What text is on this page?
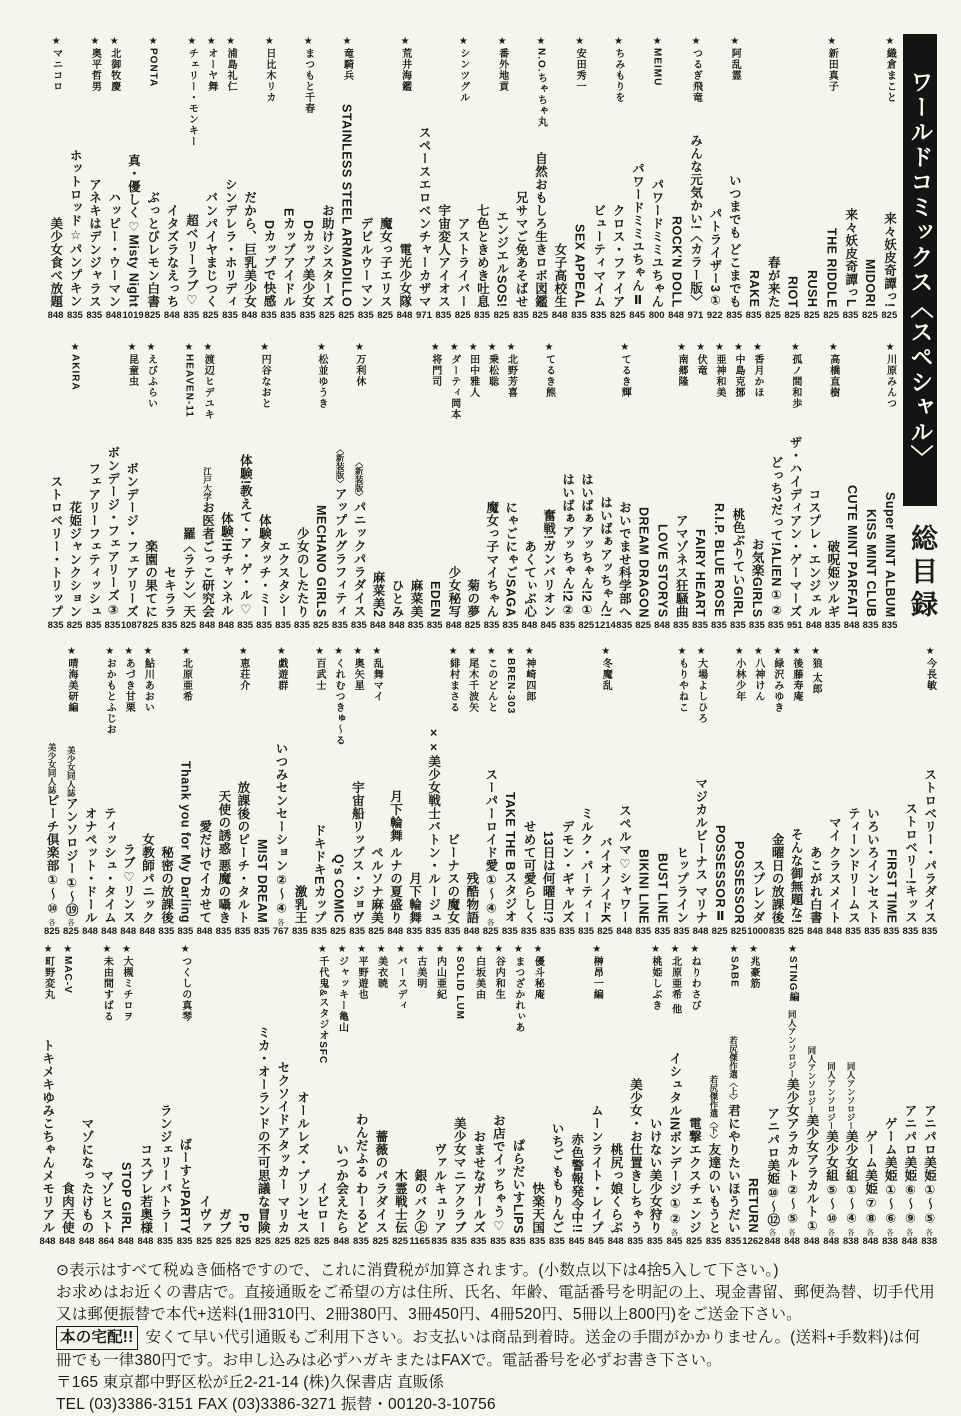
ワールドコミックス〈スペシャル〉
総目録
★織倉まこと
来々妖皮奇譚っ!
825
MIDORI
825
来々妖皮奇譚っL
835
★新田真子
THE RIDDLE
825
RUSH
825
RIOT
825
春が来た
825
RAKE
835
★阿乱霊
いつまでも どこまでも
835
パトライザー3①
922
★つるぎ飛竜
みんな元気かい!〈カラー版〉
971
ROCK'N DOLL
848
★MEIMU
パワードミミユちゃん
800
パワードミミユちゃんⅡ
845
★ちみもりを
クロス・ファイア
825
ビューティマイム
835
★安田秀一
SEX APPEAL
835
女子高校生
848
★N.O.ちゃちゃ丸
自然おもしろ生きロボ図鑑
825
兄サマご免あそばせ
835
★番外地貢
エンジエルSOS!
825
七色ときめき吐息
835
★シンツグル
アストライバー
825
宇宙変人アイオス
835
スペースエロベンチャーカザマ
971
★荒井海鑑
電光少女隊
848
魔女っ子エリス
825
デビルウーマン
835
★竜騎兵
STAINLESS STEEL ARMADILLO
825
お助けシスターズ
825
★まつもと千春
Dカップ美少女
835
Eカップアイドル
835
★日比木リカ
Dカップで快感
835
だから、巨乳美少女
848
★浦島礼仁
シンデレラ・ホリディ
835
★オーヤ舞
バンパイヤまじつく
825
★チェリー・モンキー
超ベリーラブ♡
835
イタズラなえっち
848
★PONTA
ぶっとびレモン白書
825
真・優しく♡Misty Night
1019
★北御牧慶
ハッピー・ウーマン
848
★奥平哲男
アネキはデンジャラス
835
ホットロッド☆パンプキン
835
★マニコロ
美少女食べ放題
848
★川原みんつ
Super MINT ALBUM
835
KISS MINT CLUB
835
CUTE MINT PARFAIT
848
★高橋直樹
破呪姫ツルギ
835
コスプレ・エンジェル
848
★孤ノ間和歩
ザ・ハイディアン・ゲーマーズ
951
どっち?だって!ALIEN①②
835
★香月かほ
お気楽GIRLS
835
★中島克捓
桃色ぶりていGIRL
835
★亜神和美
R.I.P. BLUE ROSE
835
★伏竜
FAIRY HEART
835
★南郷隆
アマゾネス狂騒曲
835
LOVE STORYS
848
DREAM DRAGON
825
★てるき輝
おいでませ科学部へ
835
はいばぁアッちゃん!
1214
はいばぁアッちゃん!2①
825
はいばぁアッちゃん!2②
835
★てるき熊
奮戦!ガンバリオン
845
あくてぃぶ心
848
★北野芳喜
にゃごにゃごSAGA
835
★乗松聡
魔女っ子マイちゃん
835
★田中雅人
菊の夢
825
★ダーティ岡本
少女秘写
848
★将門司
EDEN
835
麻菜美
835
ひとみ
848
麻菜美2
848
★万利休
〈新装版〉パニックパラダイス
835
〈新装版〉アップルグラフィティ
835
★松並ゆうき
MECHANO GIRLS
825
少女のしたたり
835
エクスタシー
835
★円谷なおと
体験タッチ・ミー
835
体験!教えて・ア・ゲ・ル♡
835
体験!Hチャンネル
848
★渡辺ヒデユキ
江戸大学お医者ごっこ研究会
848
★HEAVEN-11
羅〈ラテン〉天
825
セキララ
835
★えびふらい
楽園の果てに
825
★昆童虫
ボンデージ・フェアリーズ
1087
ボンデージ・フェアリーズ③
835
フェアリーフェティッシュ
835
★AKIRA
花姫ジャンクション
825
ストロベリー・トリップ
835
★今長敏
ストロベリー・パラダイス
835
ストロベリー!キッス
835
FIRST TIME
835
いろいろインセスト
835
ティーンドリームス
835
マイ クラスメイト
848
★狼 太郎
あこがれ白書
848
★後藤寿庵
そんな御無題な!
825
★緑沢みゆき
金曜日の放課後
835
★八神けん
スプレンダ
1000
★小林少年
POSSESSOR
825
POSSESSORⅡ
825
★大場よしひろ
マジカルビーナス マリナ
848
★もりやねこ
ヒップライン
835
BUST LINE
835
BIKINI LINE
835
スペルマ♡シャワー
848
★冬魔乱
バイオノイドK
825
ミルク・パーティー
835
デモン・ギャルズ
835
13日は何曜日!?
835
★神崎四郎
せめて可愛らしく
835
★BREN-303
TAKE THE Bスタジオ
835
★このどんと
スーパーロイド愛①〜④
各
825
★尾木千波矢
残酷物語
848
★緋村まさる
ビーナスの魔女
835
××美少女戦士バトン・ルージュ
835
月下輪舞
835
月下輪舞 ルナの夏盛り
848
★乱舞マイ
ペルソナ麻美
825
★奥矢星
宇宙船リップス・ジョヴ
835
★くれむつきゅ〜る
Q's COMIC
825
★百武士
ドキドキEカップ
835
激乳王
835
★戯遊群
いつみセンセーション②〜④
各
767
MIST DREAM
835
★恵荘介
放課後のピーチ・タルト
835
天使の誘惑 悪魔の囁き
835
愛だけでイカせて
848
★北原亜希
Thank you for My Darling
835
秘密の放課後
835
★鮎川あおい
女教師パニック
848
★あづき甘栗
ラブ♡リンス
848
★おかもとふじお
ティッシュ・タイム
848
オナペット・ドール
848
★晴海美研編
美少女同人誌アンソロジー①〜⑲
各
825
美少女同人誌ピーチ倶楽部①〜⑩
各
825
アニパロ美姫①〜⑤
各
838
アニパロ美姫⑥〜⑨
各
848
ゲーム美姫①〜⑥
各
838
ゲーム美姫⑦⑧
各
848
同人アンソロジー美少女組①〜④
各
838
同人アンソロジー美少女組⑤〜⑩
各
848
同人アンソロジー美少女アラカルト①
848
★STING編
同人アンソロジー美少女アラカルト②〜⑤
各
848
アニパロ美姫⑩〜⑫
各
848
★兆豪筋
RETURN
1262
★SABE
若尻傑作選〈上〉君にやりたいほうだい
835
若尻傑作選〈下〉友達のいもうと
835
★ねりわさび
電撃エクスチェンジ
825
★北原亜希 他
イシュタルINボンデージ①②
各
845
★桃姫しぶき
いけない美少女狩り
835
美少女・お仕置きしちゃう
835
桃尻っ娘くらぶ
848
★榊昂一編
ムーンライト・レイプ
845
赤色警報発令中!!
845
いちご もも りんご
835
★優斗秘庵
快楽天国
835
★まつざかれぃあ
ぱらだいすLIPS
835
★谷内和生
お店でイッちゃう♡
835
★白坂美由
おませなガールズ
835
★SOLID LUM
美少女マニアクラブ
835
★内山亜紀
ヴァルキュリア
835
★古美明
銀のバク㊤
1165
★バースディ
木霊戦士伝
825
★美衣暁
薔薇のパラダイス
825
★平野遊也
わんだふる わーるど
835
★ジャッキー亀山
いつか会えたら
848
★千代鬼&スタジオSFC
イビロー
825
オールレズ・プリンセス
825
セクソイドアタッカー マリカ
825
ミカ・オーランドの不可思議な冒険
825
P.P
825
ガブ
825
イヴァ
825
★つくしの真琴
ばーすとPARTY
835
ランジェリーバトラー
835
コスプレ若奥様
848
★大槻ミチロヲ
STOP GIRL
848
★未由間すばる
マゾヒスト
864
マゾになったけもの
848
★MAC-V
食肉天使
848
★町野変丸
トキメキゆみこちゃんメモリアル
848

⊙表示はすべて税ぬき価格ですので、これに消費税が加算されます。(小数点以下は4捨5入して下さい。)

お求めはお近くの書店で。直接通販をご希望の方は住所、氏名、年齢、電話番号を明記の上、現金書留、郵便為替、切手代用

又は郵便振替で本代+送料(1冊310円、2冊380円、3冊450円、4冊520円、5冊以上800円)をご送金下さい。

本の宅配!! 安くて早い代引通販もご利用下さい。お支払いは商品到着時。送金の手間がかかりません。(送料+手数料)は何

冊でも一律380円です。お申し込みは必ずハガキまたはFAXで。電話番号を必ずお書き下さい。

〒165 東京都中野区松が丘2-21-14 (株)久保書店 直販係

TEL (03)3386-3151 FAX (03)3386-3271 振替・00120-3-10756
